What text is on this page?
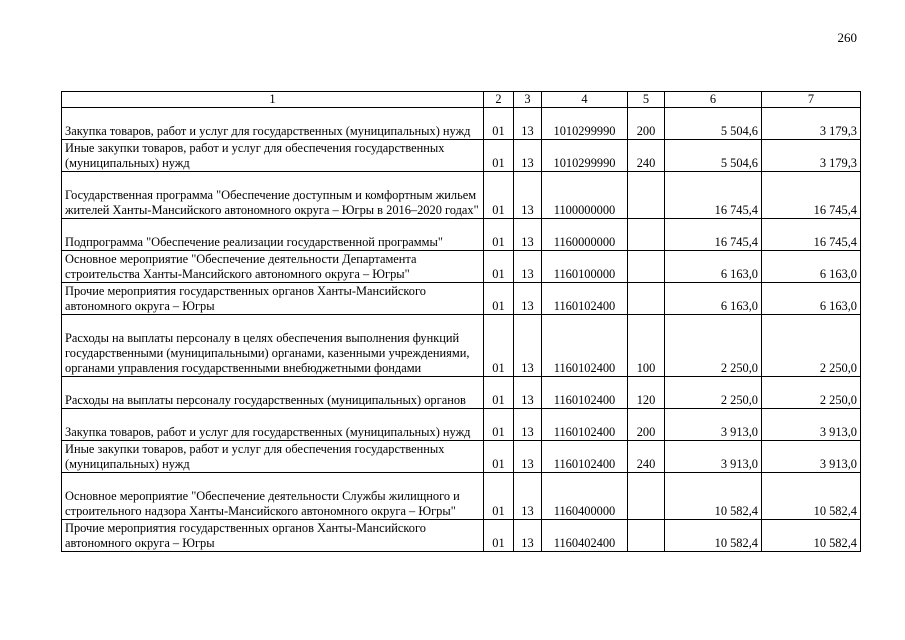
260
1	2	3	4	5	6	7
Закупка товаров, работ и услуг для государственных (муниципальных) нужд	01	13	1010299990	200	5 504,6	3 179,3
Иные закупки товаров, работ и услуг для обеспечения государственных (муниципальных) нужд	01	13	1010299990	240	5 504,6	3 179,3
Государственная программа "Обеспечение доступным и комфортным жильем жителей Ханты-Мансийского автономного округа – Югры в 2016–2020 годах"	01	13	1100000000		16 745,4	16 745,4
Подпрограмма "Обеспечение реализации государственной программы"	01	13	1160000000		16 745,4	16 745,4
Основное мероприятие "Обеспечение деятельности Департамента строительства Ханты-Мансийского автономного округа – Югры"	01	13	1160100000		6 163,0	6 163,0
Прочие мероприятия государственных органов Ханты-Мансийского автономного округа – Югры	01	13	1160102400		6 163,0	6 163,0
Расходы на выплаты персоналу в целях обеспечения выполнения функций государственными (муниципальными) органами, казенными учреждениями, органами управления государственными внебюджетными фондами	01	13	1160102400	100	2 250,0	2 250,0
Расходы на выплаты персоналу государственных (муниципальных) органов	01	13	1160102400	120	2 250,0	2 250,0
Закупка товаров, работ и услуг для государственных (муниципальных) нужд	01	13	1160102400	200	3 913,0	3 913,0
Иные закупки товаров, работ и услуг для обеспечения государственных (муниципальных) нужд	01	13	1160102400	240	3 913,0	3 913,0
Основное мероприятие "Обеспечение деятельности Службы жилищного и строительного надзора Ханты-Мансийского автономного округа – Югры"	01	13	1160400000		10 582,4	10 582,4
Прочие мероприятия государственных органов Ханты-Мансийского автономного округа – Югры	01	13	1160402400		10 582,4	10 582,4
